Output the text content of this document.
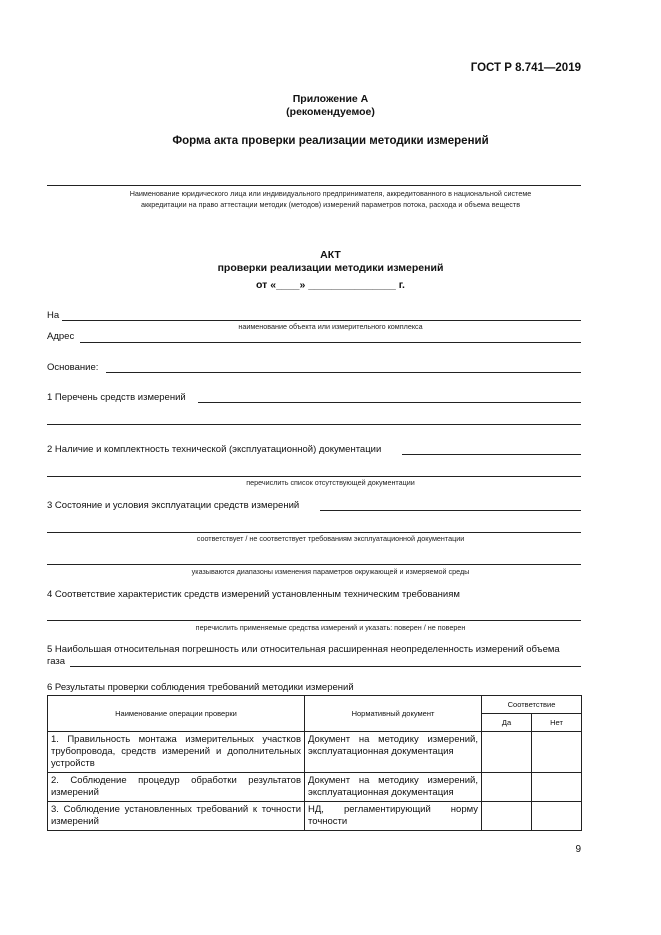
ГОСТ Р 8.741—2019
Приложение А
(рекомендуемое)
Форма акта проверки реализации методики измерений
Наименование юридического лица или индивидуального предпринимателя, аккредитованного в национальной системе
аккредитации на право аттестации методик (методов) измерений параметров потока, расхода и объема веществ
АКТ
проверки реализации методики измерений
от «____» _______________ г.
На
наименование объекта или измерительного комплекса
Адрес
Основание:
1 Перечень средств измерений
2 Наличие и комплектность технической (эксплуатационной) документации
перечислить список отсутствующей документации
3 Состояние и условия эксплуатации средств измерений
соответствует / не соответствует требованиям эксплуатационной документации
указываются диапазоны изменения параметров окружающей и измеряемой среды
4 Соответствие характеристик средств измерений установленным техническим требованиям
перечислить применяемые средства измерений и указать: поверен / не поверен
5 Наибольшая относительная погрешность или относительная расширенная неопределенность измерений объема
газа
6 Результаты проверки соблюдения требований методики измерений
Наименование операции проверки	Нормативный документ	Соответствие	
		Да	Нет
1. Правильность монтажа измерительных участков трубопровода, средств измерений и дополнительных устройств	Документ на методику измерений, эксплуатационная документация		
2. Соблюдение процедур обработки результатов измерений	Документ на методику измерений, эксплуатационная документация		
3. Соблюдение установленных требований к точности измерений	НД, регламентирующий норму точности		
9
